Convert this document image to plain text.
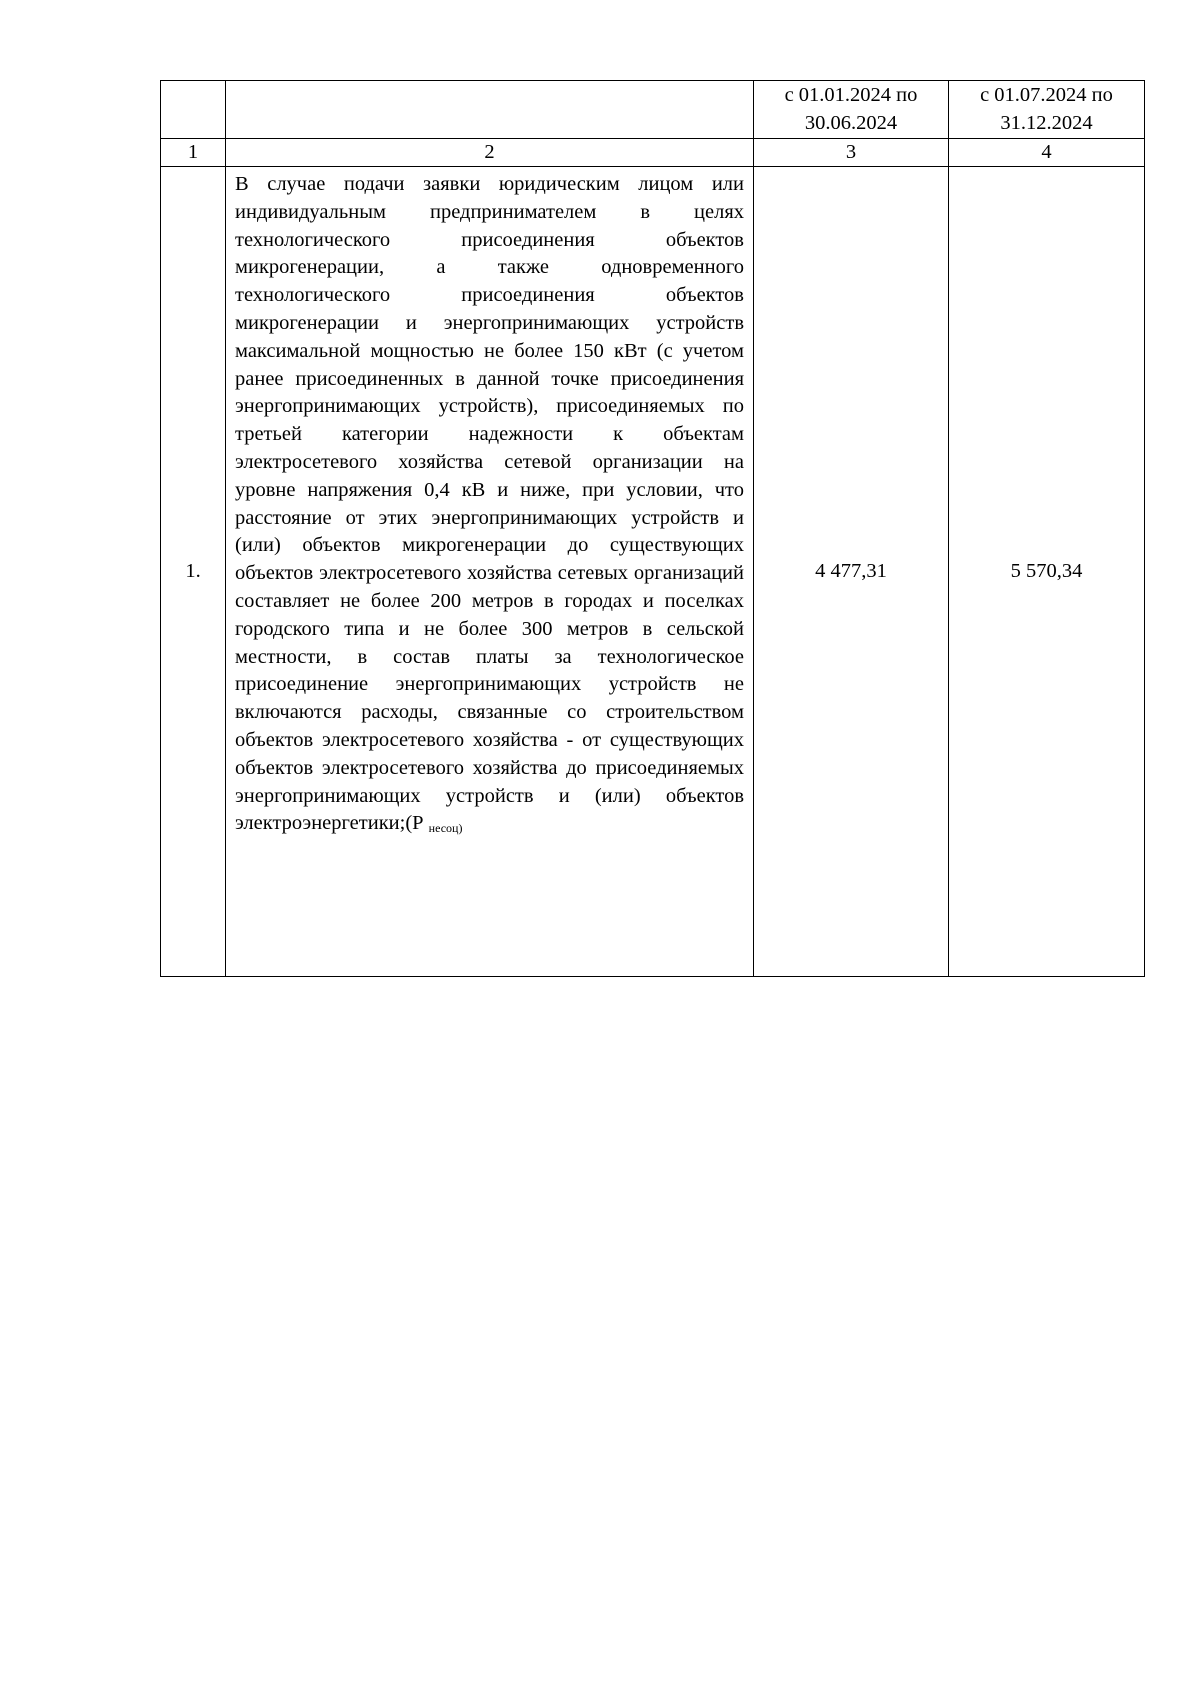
		с 01.01.2024 по 30.06.2024	с 01.07.2024 по 31.12.2024
1	2	3	4
1.	В случае подачи заявки юридическим лицом или индивидуальным предпринимателем в целях технологического присоединения объектов микрогенерации, а также одновременного технологического присоединения объектов микрогенерации и энергопринимающих устройств максимальной мощностью не более 150 кВт (с учетом ранее присоединенных в данной точке присоединения энергопринимающих устройств), присоединяемых по третьей категории надежности к объектам электросетевого хозяйства сетевой организации на уровне напряжения 0,4 кВ и ниже, при условии, что расстояние от этих энергопринимающих устройств и (или) объектов микрогенерации до существующих объектов электросетевого хозяйства сетевых организаций составляет не более 200 метров в городах и поселках городского типа и не более 300 метров в сельской местности, в состав платы за технологическое присоединение энергопринимающих устройств не включаются расходы, связанные со строительством объектов электросетевого хозяйства - от существующих объектов электросетевого хозяйства до присоединяемых энергопринимающих устройств и (или) объектов электроэнергетики;(Р $_{несоц)}$	4 477,31	5 570,34
